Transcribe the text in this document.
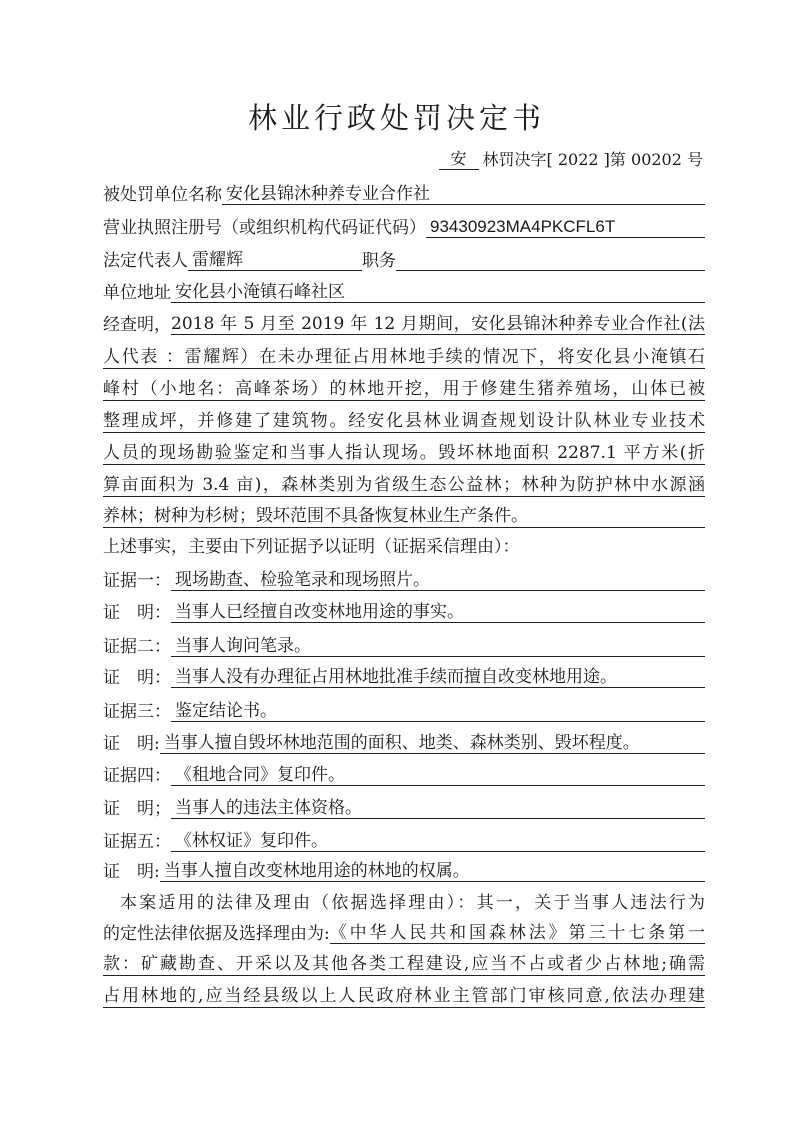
林业行政处罚决定书
安	林罚决字[ 2022 ]第 00202 号
被处罚单位名称 安化县锦沐种养专业合作社
营业执照注册号（或组织机构代码证代码） 93430923MA4PKCFL6T
法定代表人 雷耀辉	职务
单位地址 安化县小淹镇石峰社区
经查明， 2018 年 5 月至 2019 年 12 月期间，安化县锦沐种养专业合作社(法
人代表 ：雷耀辉）在未办理征占用林地手续的情况下，将安化县小淹镇石
峰村（小地名：高峰茶场）的林地开挖，用于修建生猪养殖场，山体已被
整理成坪，并修建了建筑物。经安化县林业调查规划设计队林业专业技术
人员的现场勘验鉴定和当事人指认现场。毁坏林地面积 2287.1 平方米(折
算亩面积为 3.4 亩)，森林类别为省级生态公益林；林种为防护林中水源涵
养林；树种为杉树；毁坏范围不具备恢复林业生产条件。
上述事实，主要由下列证据予以证明（证据采信理由）：
证据一： 现场勘查、检验笔录和现场照片。
证　明： 当事人已经擅自改变林地用途的事实。
证据二： 当事人询问笔录。
证　明： 当事人没有办理征占用林地批准手续而擅自改变林地用途。
证据三： 鉴定结论书。
证　明: 当事人擅自毁坏林地范围的面积、地类、森林类别、毁坏程度。
证据四： 《租地合同》复印件。
证　明； 当事人的违法主体资格。
证据五： 《林权证》复印件。
证　明: 当事人擅自改变林地用途的林地的权属。
本案适用的法律及理由（依据选择理由）：其一，关于当事人违法行为
的定性法律依据及选择理由为: 《中华人民共和国森林法》第三十七条第一
款：矿藏勘查、开采以及其他各类工程建设,应当不占或者少占林地;确需
占用林地的,应当经县级以上人民政府林业主管部门审核同意,依法办理建
